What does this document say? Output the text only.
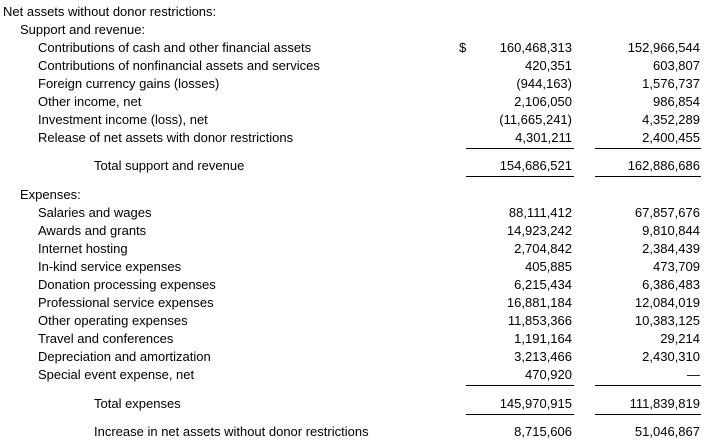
Net assets without donor restrictions:
Support and revenue:
Contributions of cash and other financial assets	$	160,468,313	152,966,544
Contributions of nonfinancial assets and services	420,351	603,807
Foreign currency gains (losses)	(944,163)	1,576,737
Other income, net	2,106,050	986,854
Investment income (loss), net	(11,665,241)	4,352,289
Release of net assets with donor restrictions	4,301,211	2,400,455
Total support and revenue	154,686,521	162,886,686
Expenses:
Salaries and wages	88,111,412	67,857,676
Awards and grants	14,923,242	9,810,844
Internet hosting	2,704,842	2,384,439
In-kind service expenses	405,885	473,709
Donation processing expenses	6,215,434	6,386,483
Professional service expenses	16,881,184	12,084,019
Other operating expenses	11,853,366	10,383,125
Travel and conferences	1,191,164	29,214
Depreciation and amortization	3,213,466	2,430,310
Special event expense, net	470,920	—
Total expenses	145,970,915	111,839,819
Increase in net assets without donor restrictions	8,715,606	51,046,867
